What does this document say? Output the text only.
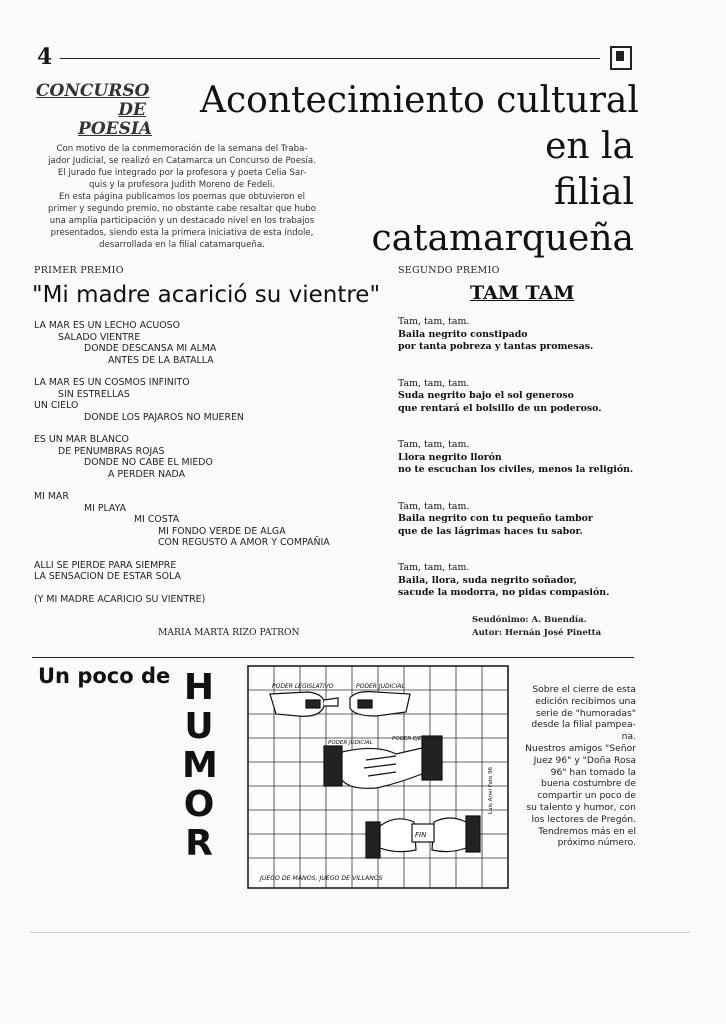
4
CONCURSO
DE
POESIA

Con motivo de la conmemoración de la semana del Traba-

jador Judicial, se realizó en Catamarca un Concurso de Poesía.

El jurado fue integrado por la profesora y poeta Celia Sar-

quis y la profesora Judith Moreno de Fedeli.

En esta página publicamos los poemas que obtuvieron el

primer y segundo premio, no obstante cabe resaltar que hubo

una amplia participación y un destacado nivel en los trabajos

presentados, siendo esta la primera iniciativa de esta índole,

desarrollada en la filial catamarqueña.

Acontecimiento cultural
en la
filial
catamarqueña
PRIMER PREMIO
"Mi madre acarició su vientre"
LA MAR ES UN LECHO ACUOSO
SALADO VIENTRE
DONDE DESCANSA MI ALMA
ANTES DE LA BATALLA
LA MAR ES UN COSMOS INFINITO
SIN ESTRELLAS
UN CIELO
DONDE LOS PAJAROS NO MUEREN
ES UN MAR BLANCO
DE PENUMBRAS ROJAS
DONDE NO CABE EL MIEDO
A PERDER NADA
MI MAR
MI PLAYA
MI COSTA
MI FONDO VERDE DE ALGA
CON REGUSTO A AMOR Y COMPAÑIA
ALLI SE PIERDE PARA SIEMPRE
LA SENSACION DE ESTAR SOLA
(Y MI MADRE ACARICIO SU VIENTRE)
MARIA MARTA RIZO PATRON
SEGUNDO PREMIO
TAM TAM
Tam, tam, tam.
Baila negrito constipado
por tanta pobreza y tantas promesas.
Tam, tam, tam.
Suda negrito bajo el sol generoso
que rentará el bolsillo de un poderoso.
Tam, tam, tam.
Llora negrito llorón
no te escuchan los civiles, menos la religión.
Tam, tam, tam.
Baila negrito con tu pequeño tambor
que de las lágrimas haces tu sabor.
Tam, tam, tam.
Baila, llora, suda negrito soñador,
sacude la modorra, no pidas compasión.
Seudónimo: A. Buendía.
Autor: Hernán José Pinetta
Un poco de H
U
M
O
R
PODER LEGISLATIVO	PODER JUDICIAL
PODER JUDICIAL
PODER EJECUTIVO
FIN
Luis Ariel Fato 96
JUEGO DE MANOS, JUEGO DE VILLANOS
Sobre el cierre de esta
edición recibimos una
serie de "humoradas"
desde la filial pampea-
na.
Nuestros amigos "Señor
Juez 96" y "Doña Rosa
96" han tomado la
buena costumbre de
compartir un poco de
su talento y humor, con
los lectores de Pregón.
Tendremos más en el
próximo número.
